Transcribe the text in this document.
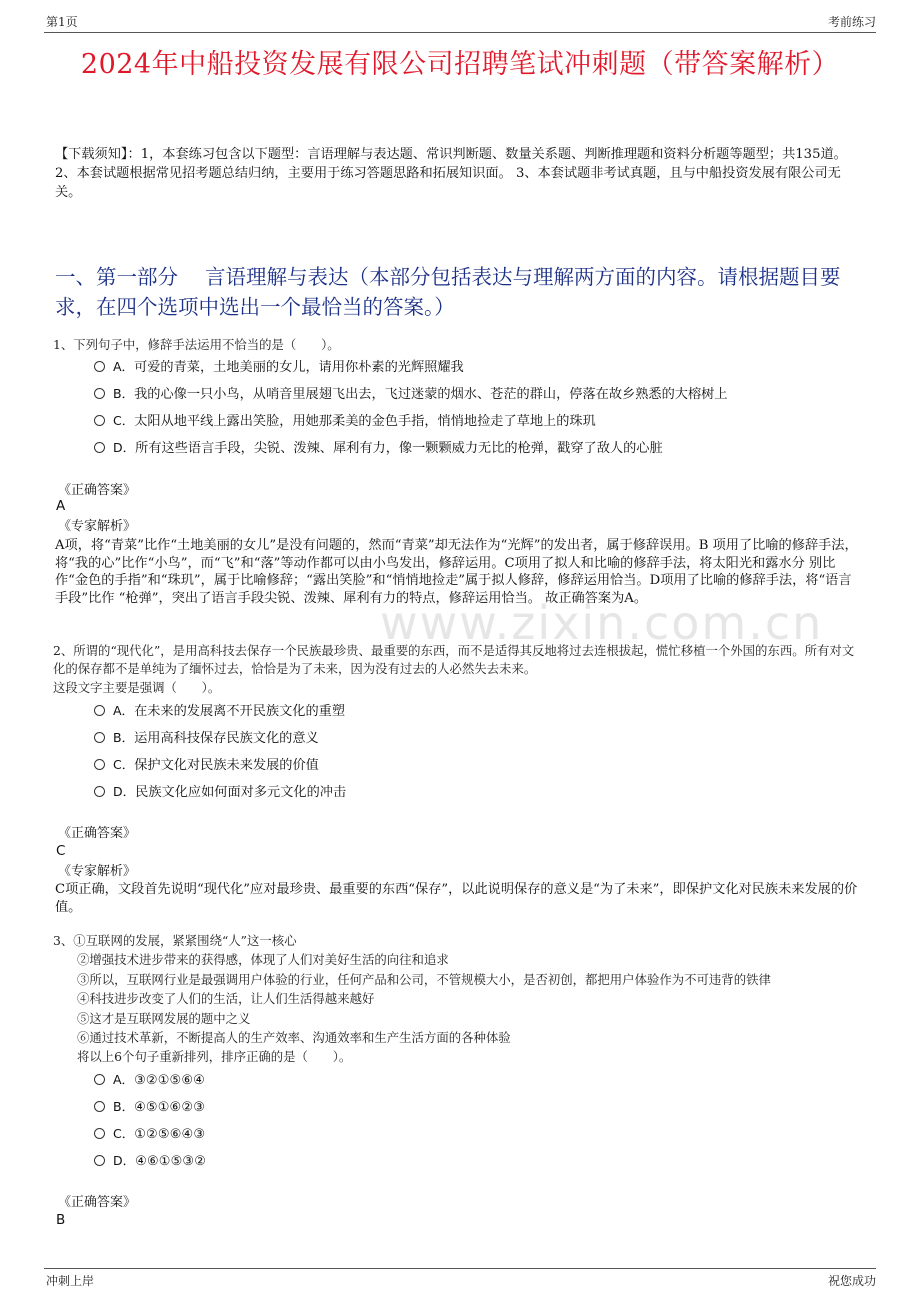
第1页	考前练习
2024年中船投资发展有限公司招聘笔试冲刺题（带答案解析）
www.zixin.com.cn
【下载须知】：1，本套练习包含以下题型：言语理解与表达题、常识判断题、数量关系题、判断推理题和资料分析题等题型；共135道。 2、本套试题根据常见招考题总结归纳，主要用于练习答题思路和拓展知识面。 3、本套试题非考试真题，且与中船投资发展有限公司无关。
一、第一部分　 言语理解与表达（本部分包括表达与理解两方面的内容。请根据题目要求，在四个选项中选出一个最恰当的答案。）
1、下列句子中，修辞手法运用不恰当的是（　　）。
A．可爱的青菜，土地美丽的女儿，请用你朴素的光辉照耀我
B．我的心像一只小鸟，从哨音里展翅飞出去，飞过迷蒙的烟水、苍茫的群山，停落在故乡熟悉的大榕树上
C．太阳从地平线上露出笑脸，用她那柔美的金色手指，悄悄地捡走了草地上的珠玑
D．所有这些语言手段，尖锐、泼辣、犀利有力，像一颗颗威力无比的枪弹，戳穿了敌人的心脏
《正确答案》
A
《专家解析》
A项，将“青菜”比作“土地美丽的女儿”是没有问题的，然而“青菜”却无法作为“光辉”的发出者，属于修辞误用。B 项用了比喻的修辞手法，将“我的心”比作“小鸟”，而“飞”和“落”等动作都可以由小鸟发出，修辞运用。C项用了拟人和比喻的修辞手法，将太阳光和露水分 别比作“金色的手指”和“珠玑”，属于比喻修辞；“露出笑脸”和“悄悄地捡走”属于拟人修辞，修辞运用恰当。D项用了比喻的修辞手法，将“语言手段”比作 “枪弹”，突出了语言手段尖锐、泼辣、犀利有力的特点，修辞运用恰当。 故正确答案为A。
2、所谓的“现代化”，是用高科技去保存一个民族最珍贵、最重要的东西，而不是适得其反地将过去连根拔起，慌忙移植一个外国的东西。所有对文化的保存都不是单纯为了缅怀过去，恰恰是为了未来，因为没有过去的人必然失去未来。
这段文字主要是强调（　　）。
A．在未来的发展离不开民族文化的重塑
B．运用高科技保存民族文化的意义
C．保护文化对民族未来发展的价值
D．民族文化应如何面对多元文化的冲击
《正确答案》
C
《专家解析》
C项正确，文段首先说明“现代化”应对最珍贵、最重要的东西“保存”，以此说明保存的意义是“为了未来”，即保护文化对民族未来发展的价值。
3、①互联网的发展，紧紧围绕“人”这一核心
②增强技术进步带来的获得感，体现了人们对美好生活的向往和追求
③所以，互联网行业是最强调用户体验的行业，任何产品和公司，不管规模大小，是否初创，都把用户体验作为不可违背的铁律
④科技进步改变了人们的生活，让人们生活得越来越好
⑤这才是互联网发展的题中之义
⑥通过技术革新，不断提高人的生产效率、沟通效率和生产生活方面的各种体验
将以上6个句子重新排列，排序正确的是（　　）。
A．③②①⑤⑥④
B．④⑤①⑥②③
C．①②⑤⑥④③
D．④⑥①⑤③②
《正确答案》
B
冲刺上岸	祝您成功
